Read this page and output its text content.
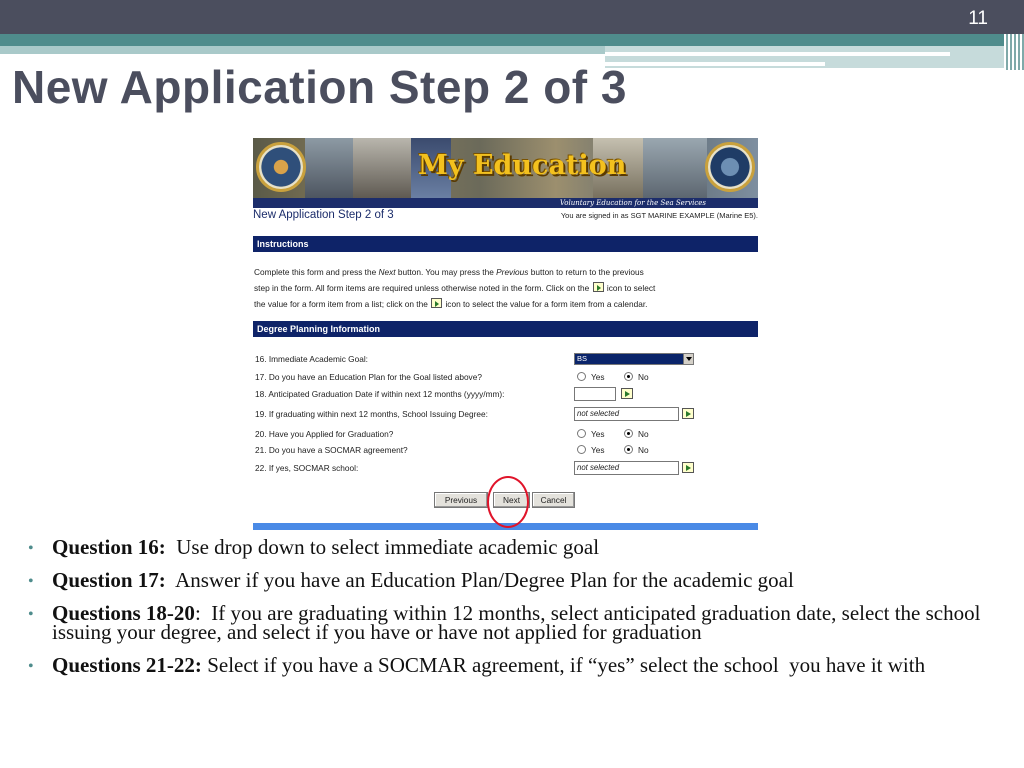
11
New Application Step 2 of 3
My Education
Voluntary Education for the Sea Services
New Application Step 2 of 3	You are signed in as SGT MARINE EXAMPLE (Marine E5).
Instructions
Complete this form and press the Next button. You may press the Previous button to return to the previous
step in the form. All form items are required unless otherwise noted in the form. Click on the  icon to select
the value for a form item from a list; click on the  icon to select the value for a form item from a calendar.
Degree Planning Information
16. Immediate Academic Goal:	BS
17. Do you have an Education Plan for the Goal listed above?	Yes	No
18. Anticipated Graduation Date if within next 12 months (yyyy/mm):
19. If graduating within next 12 months, School Issuing Degree:	not selected
20. Have you Applied for Graduation?	Yes	No
21. Do you have a SOCMAR agreement?	Yes	No
22. If yes, SOCMAR school:	not selected
Previous	Next	Cancel
• Question 16:  Use drop down to select immediate academic goal
• Question 17:  Answer if you have an Education Plan/Degree Plan for the academic goal
• Questions 18-20:  If you are graduating within 12 months, select anticipated graduation date, select the school issuing your degree, and select if you have or have not applied for graduation
• Questions 21-22: Select if you have a SOCMAR agreement, if “yes” select the school  you have it with
